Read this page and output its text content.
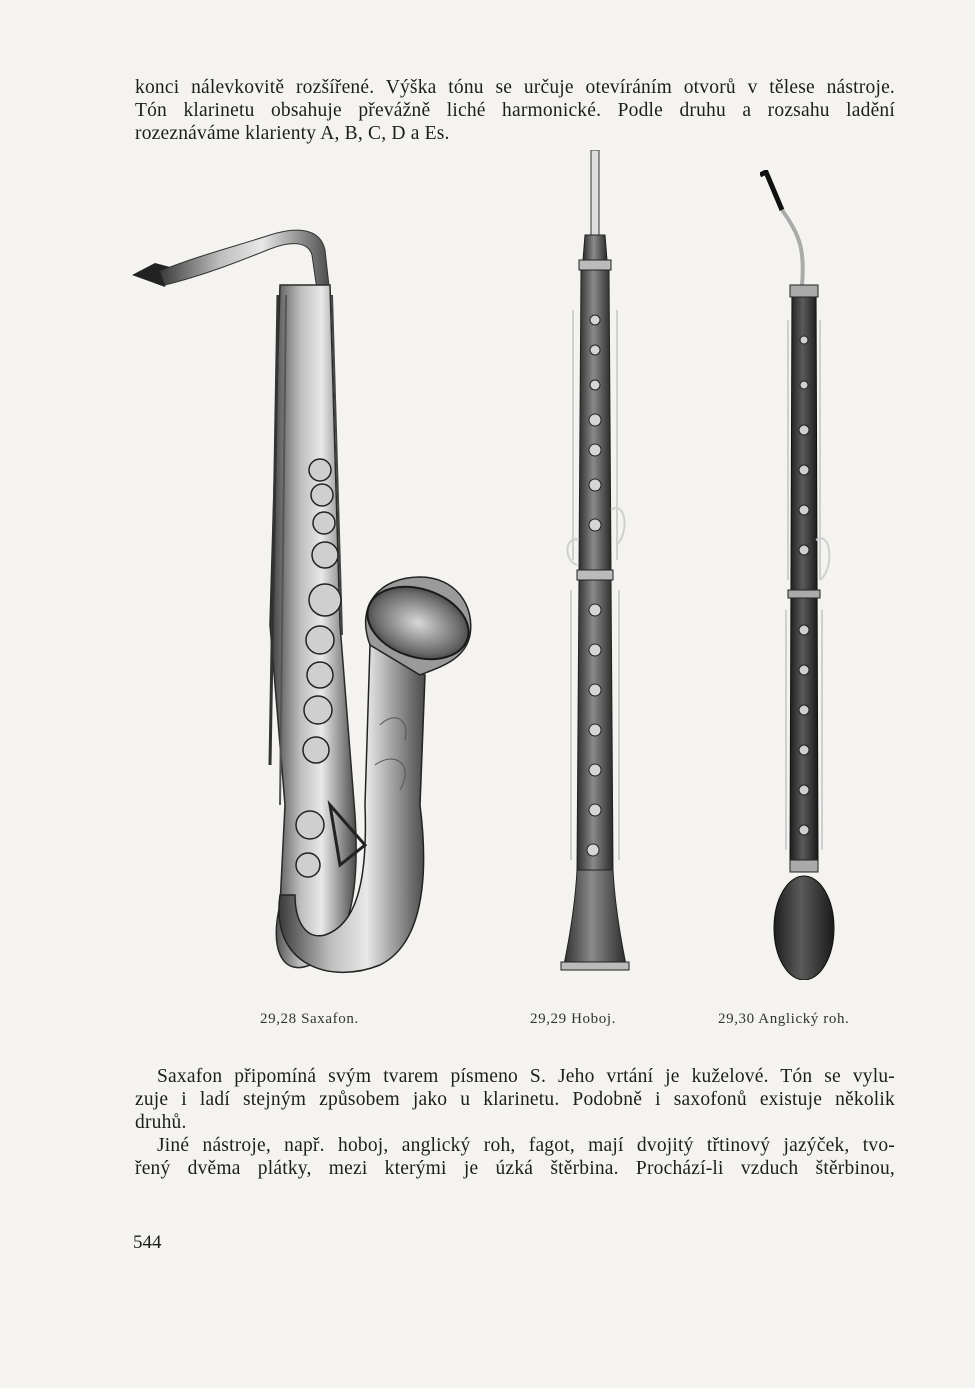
konci nálevkovitě rozšířené. Výška tónu se určuje otevíráním otvorů v tělese nástroje.
Tón klarinetu obsahuje převážně liché harmonické. Podle druhu a rozsahu ladění
rozeznáváme klarienty A, B, C, D a Es.
29,28 Saxafon.	29,29 Hoboj.	29,30 Anglický roh.
Saxafon připomíná svým tvarem písmeno S. Jeho vrtání je kuželové. Tón se vylu-
zuje i ladí stejným způsobem jako u klarinetu. Podobně i saxofonů existuje několik
druhů.
Jiné nástroje, např. hoboj, anglický roh, fagot, mají dvojitý třtinový jazýček, tvo-
řený dvěma plátky, mezi kterými je úzká štěrbina. Prochází-li vzduch štěrbinou,
544
